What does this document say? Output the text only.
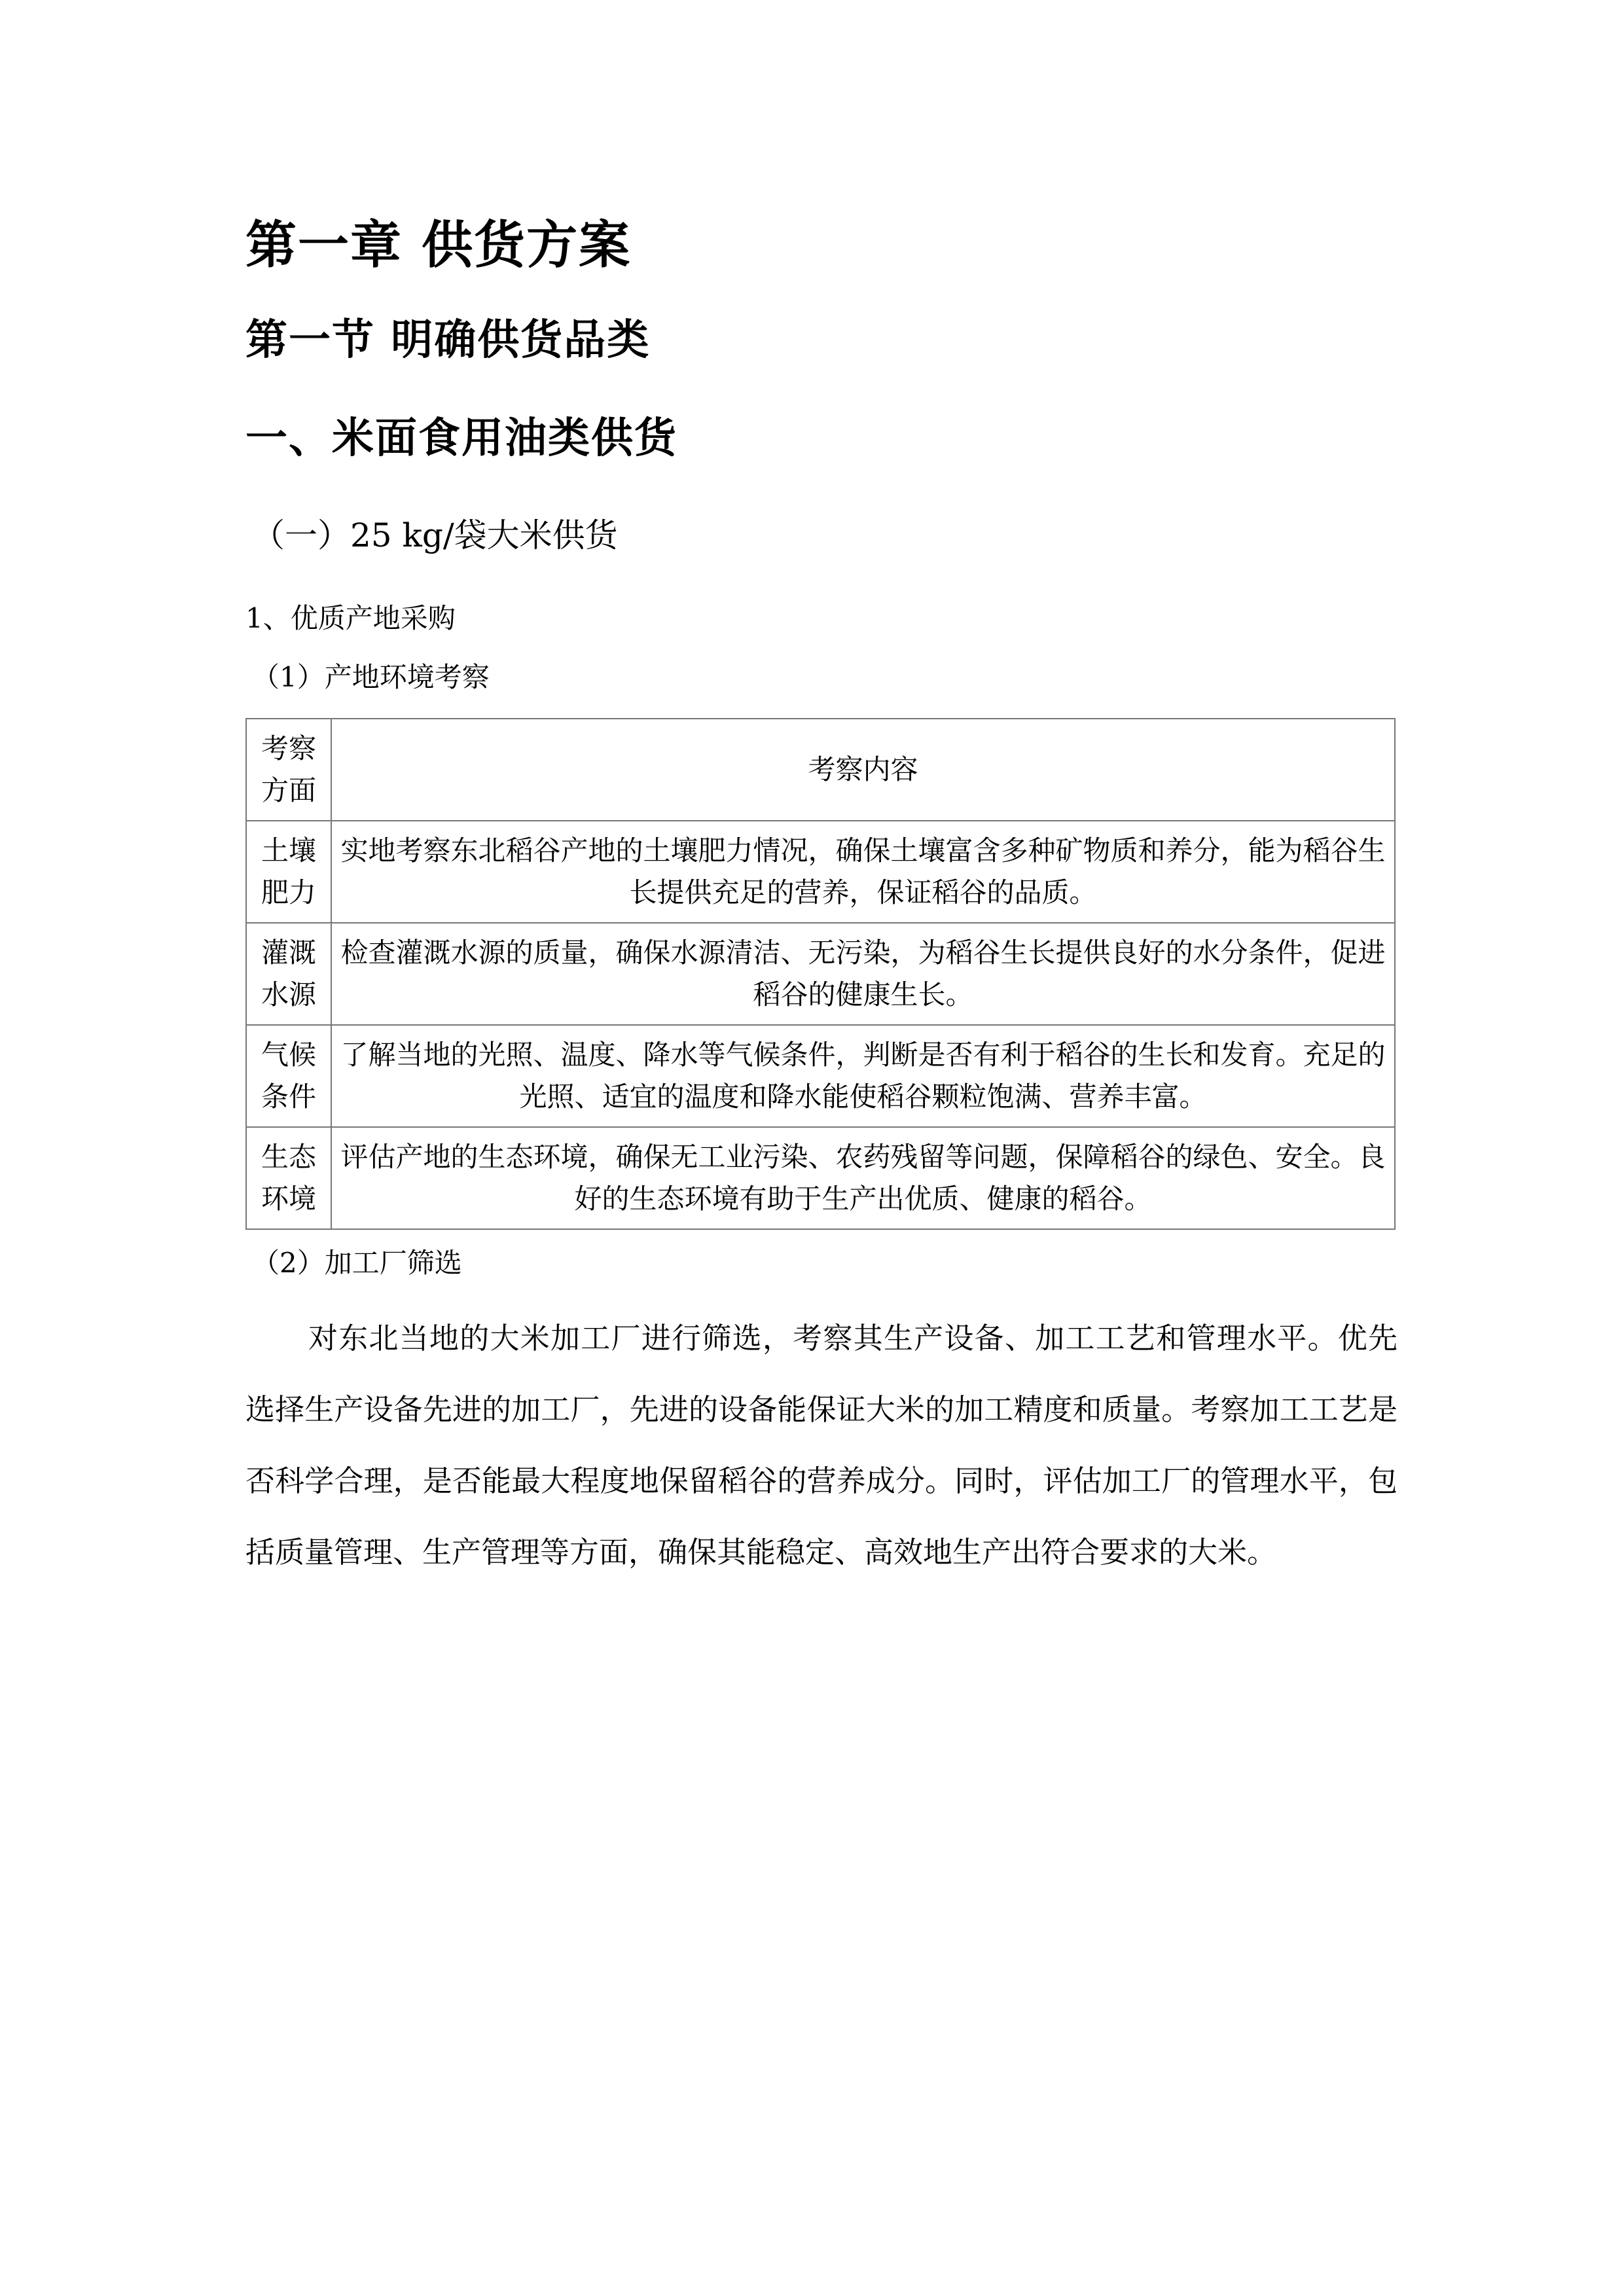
第一章 供货方案
第一节 明确供货品类
一、米面食用油类供货
（一）25 kg/袋大米供货
1、优质产地采购
（1）产地环境考察
考察方面	考察内容
土壤肥力	实地考察东北稻谷产地的土壤肥力情况，确保土壤富含多种矿物质和养分，能为稻谷生长提供充足的营养，保证稻谷的品质。
灌溉水源	检查灌溉水源的质量，确保水源清洁、无污染，为稻谷生长提供良好的水分条件，促进稻谷的健康生长。
气候条件	了解当地的光照、温度、降水等气候条件，判断是否有利于稻谷的生长和发育。充足的光照、适宜的温度和降水能使稻谷颗粒饱满、营养丰富。
生态环境	评估产地的生态环境，确保无工业污染、农药残留等问题，保障稻谷的绿色、安全。良好的生态环境有助于生产出优质、健康的稻谷。
（2）加工厂筛选

对东北当地的大米加工厂进行筛选，考察其生产设备、加工工艺和管理水平。优先选择生产设备先进的加工厂，先进的设备能保证大米的加工精度和质量。考察加工工艺是否科学合理，是否能最大程度地保留稻谷的营养成分。同时，评估加工厂的管理水平，包括质量管理、生产管理等方面，确保其能稳定、高效地生产出符合要求的大米。
